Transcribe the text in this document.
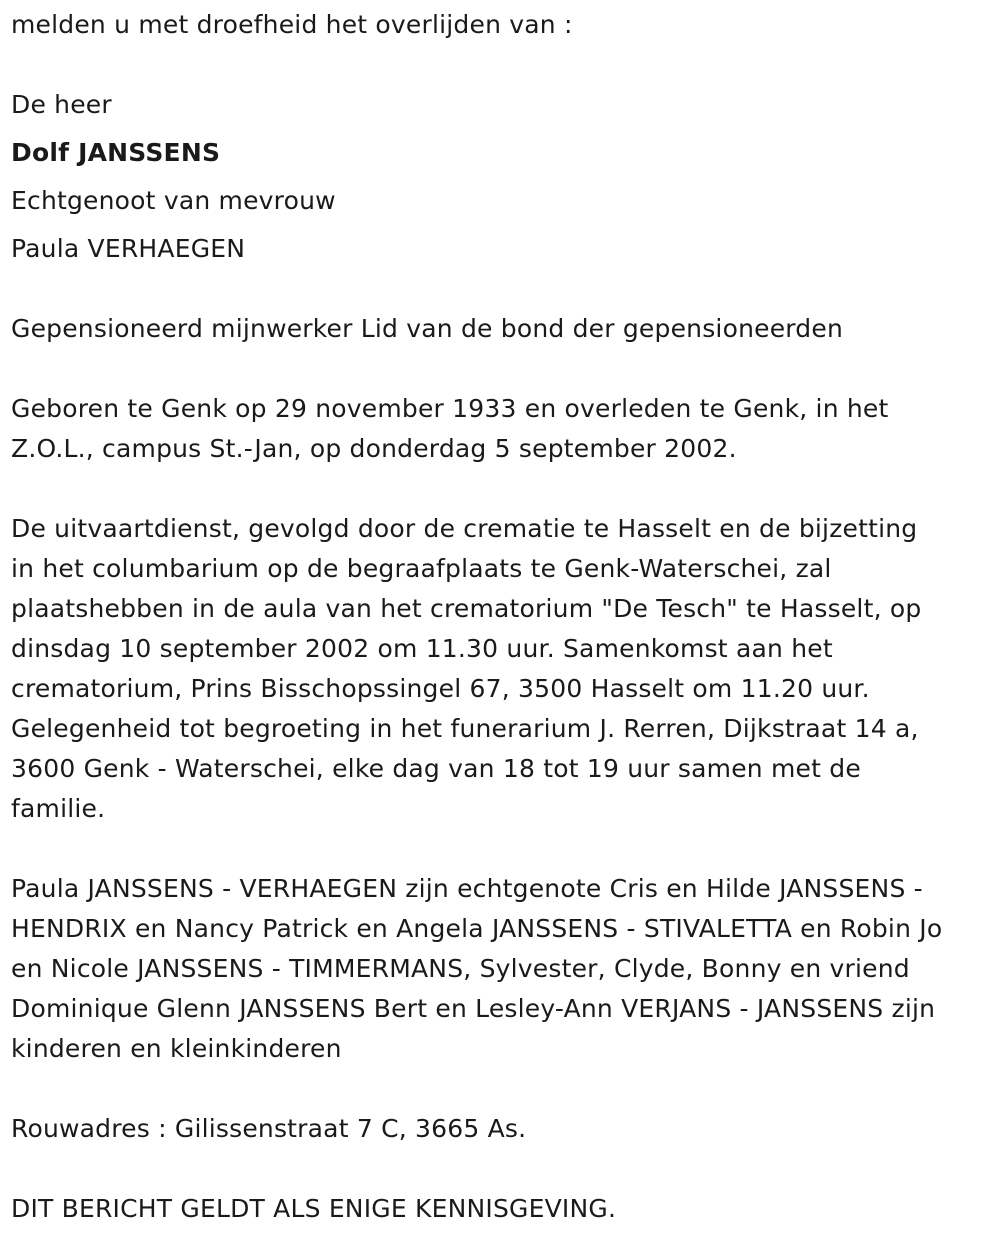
melden u met droefheid het overlijden van :

De heer

Dolf JANSSENS

Echtgenoot van mevrouw

Paula VERHAEGEN

Gepensioneerd mijnwerker Lid van de bond der gepensioneerden

Geboren te Genk op 29 november 1933 en overleden te Genk, in het

Z.O.L., campus St.-Jan, op donderdag 5 september 2002.

De uitvaartdienst, gevolgd door de crematie te Hasselt en de bijzetting

in het columbarium op de begraafplaats te Genk-Waterschei, zal

plaatshebben in de aula van het crematorium "De Tesch" te Hasselt, op

dinsdag 10 september 2002 om 11.30 uur. Samenkomst aan het

crematorium, Prins Bisschopssingel 67, 3500 Hasselt om 11.20 uur.

Gelegenheid tot begroeting in het funerarium J. Rerren, Dijkstraat 14 a,

3600 Genk - Waterschei, elke dag van 18 tot 19 uur samen met de

familie.

Paula JANSSENS - VERHAEGEN zijn echtgenote Cris en Hilde JANSSENS -

HENDRIX en Nancy Patrick en Angela JANSSENS - STIVALETTA en Robin Jo

en Nicole JANSSENS - TIMMERMANS, Sylvester, Clyde, Bonny en vriend

Dominique Glenn JANSSENS Bert en Lesley-Ann VERJANS - JANSSENS zijn

kinderen en kleinkinderen

Rouwadres : Gilissenstraat 7 C, 3665 As.

DIT BERICHT GELDT ALS ENIGE KENNISGEVING.
